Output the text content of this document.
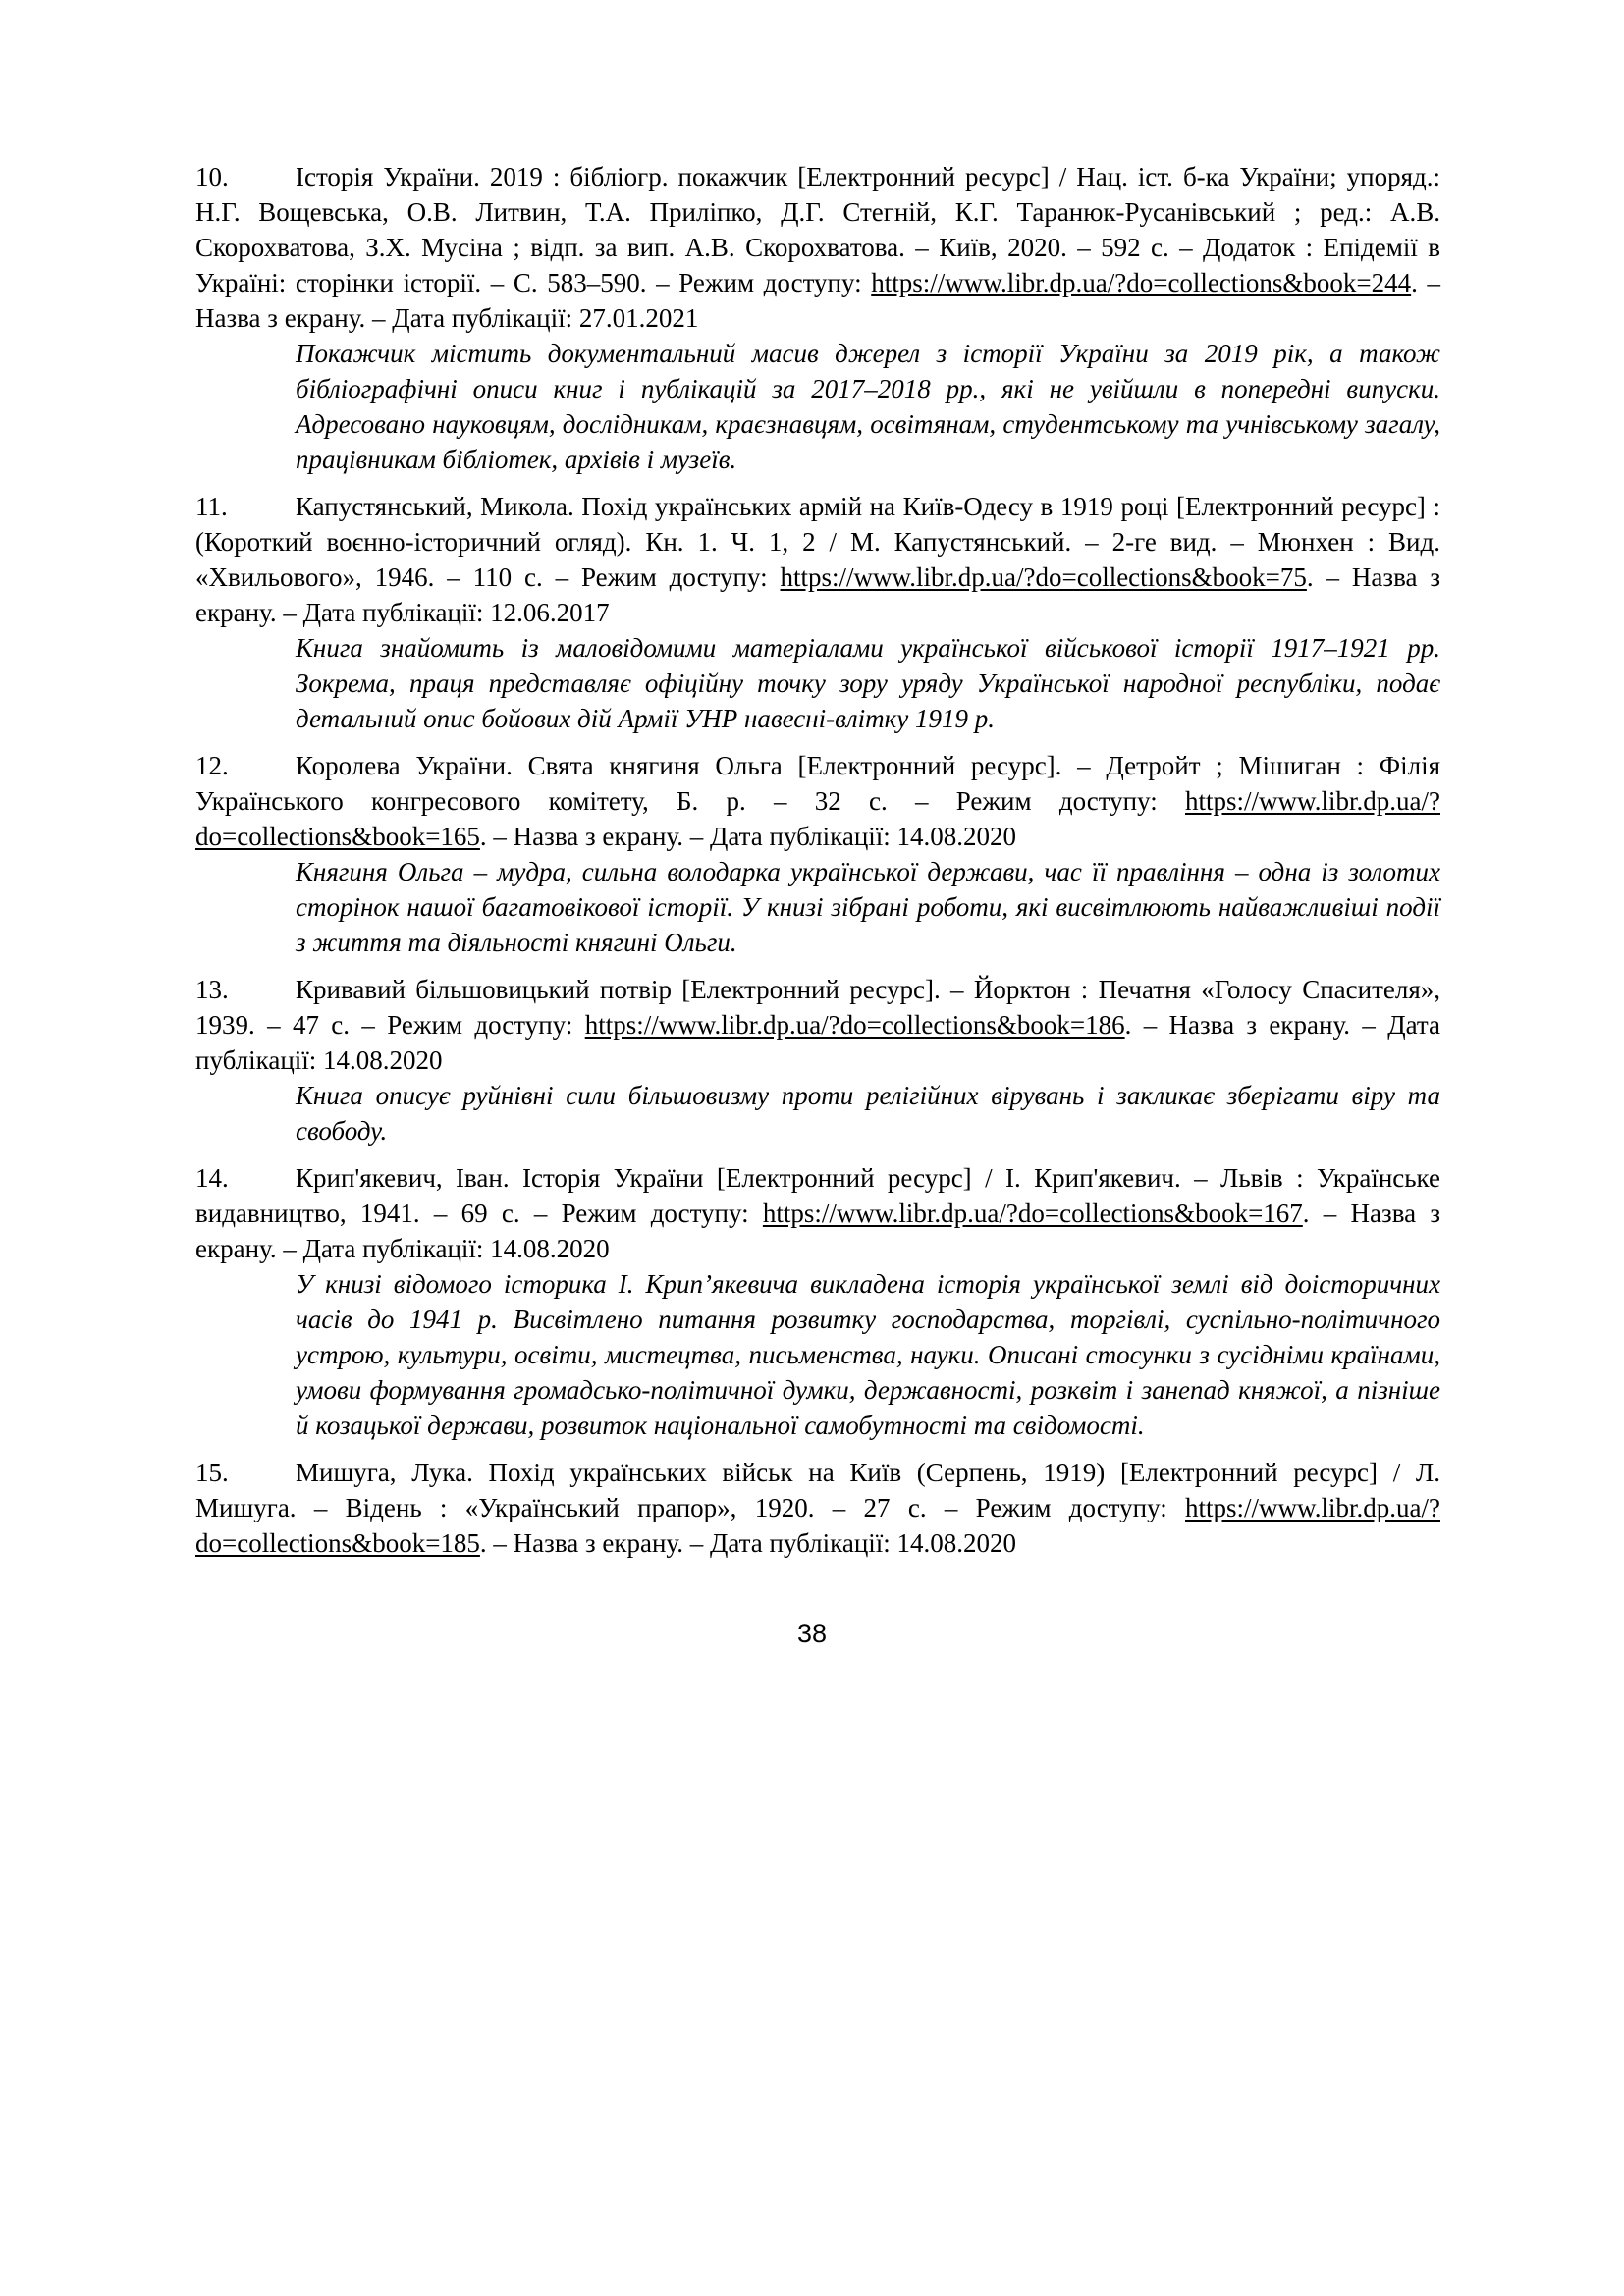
10.	Історія України. 2019 : бібліогр. покажчик [Електронний ресурс] / Нац. іст. б-ка України; упоряд.: Н.Г. Вощевська, О.В. Литвин, Т.А. Приліпко, Д.Г. Стегній, К.Г. Таранюк-Русанівський ; ред.: А.В. Скорохватова, З.Х. Мусіна ; відп. за вип. А.В. Скорохватова. – Київ, 2020. – 592 с. – Додаток : Епідемії в Україні: сторінки історії. – С. 583–590. – Режим доступу: https://www.libr.dp.ua/?do=collections&book=244. – Назва з екрану. – Дата публікації: 27.01.2021

Покажчик містить документальний масив джерел з історії України за 2019 рік, а також бібліографічні описи книг і публікацій за 2017–2018 рр., які не увійшли в попередні випуски. Адресовано науковцям, дослідникам, краєзнавцям, освітянам, студентському та учнівському загалу, працівникам бібліотек, архівів і музеїв.

11.	Капустянський, Микола. Похід українських армій на Київ-Одесу в 1919 році [Електронний ресурс] : (Короткий воєнно-історичний огляд). Кн. 1. Ч. 1, 2 / М. Капустянський. – 2-ге вид. – Мюнхен : Вид. «Хвильового», 1946. – 110 с. – Режим доступу: https://www.libr.dp.ua/?do=collections&book=75. – Назва з екрану. – Дата публікації: 12.06.2017

Книга знайомить із маловідомими матеріалами української військової історії 1917–1921 рр. Зокрема, праця представляє офіційну точку зору уряду Української народної республіки, подає детальний опис бойових дій Армії УНР навесні-влітку 1919 р.

12.	Королева України. Свята княгиня Ольга [Електронний ресурс]. – Детройт ; Мішиган : Філія Українського конгресового комітету, Б. р. – 32 с. – Режим доступу: https://www.libr.dp.ua/?do=collections&book=165. – Назва з екрану. – Дата публікації: 14.08.2020

Княгиня Ольга – мудра, сильна володарка української держави, час її правління – одна із золотих сторінок нашої багатовікової історії. У книзі зібрані роботи, які висвітлюють найважливіші події з життя та діяльності княгині Ольги.

13.	Кривавий більшовицький потвір [Електронний ресурс]. – Йорктон : Печатня «Голосу Спасителя», 1939. – 47 с. – Режим доступу: https://www.libr.dp.ua/?do=collections&book=186. – Назва з екрану. – Дата публікації: 14.08.2020

Книга описує руйнівні сили більшовизму проти релігійних вірувань і закликає зберігати віру та свободу.

14.	Крип'якевич, Іван. Історія України [Електронний ресурс] / І. Крип'якевич. – Львів : Українське видавництво, 1941. – 69 с. – Режим доступу: https://www.libr.dp.ua/?do=collections&book=167. – Назва з екрану. – Дата публікації: 14.08.2020

У книзі відомого історика І. Крип’якевича викладена історія української землі від доісторичних часів до 1941 р. Висвітлено питання розвитку господарства, торгівлі, суспільно-політичного устрою, культури, освіти, мистецтва, письменства, науки. Описані стосунки з сусідніми країнами, умови формування громадсько-політичної думки, державності, розквіт і занепад княжої, а пізніше й козацької держави, розвиток національної самобутності та свідомості.

15.	Мишуга, Лука. Похід українських військ на Київ (Серпень, 1919) [Електронний ресурс] / Л. Мишуга. – Відень : «Український прапор», 1920. – 27 с. – Режим доступу: https://www.libr.dp.ua/?do=collections&book=185. – Назва з екрану. – Дата публікації: 14.08.2020

38
